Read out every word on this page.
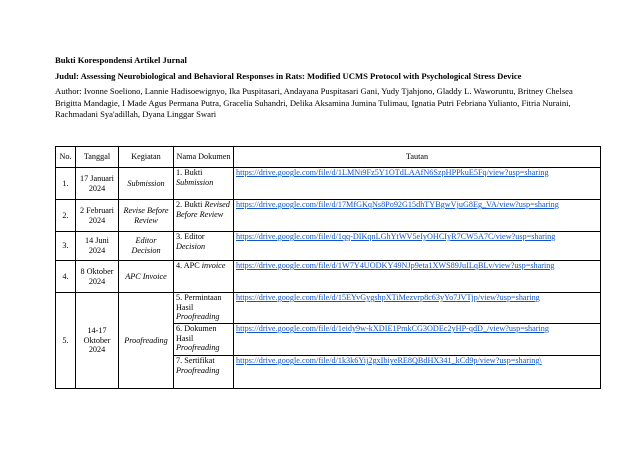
Bukti Korespondensi Artikel Jurnal
Judul: Assessing Neurobiological and Behavioral Responses in Rats: Modified UCMS Protocol with Psychological Stress Device
Author: Ivonne Soeliono, Lannie Hadisoewignyo, Ika Puspitasari, Andayana Puspitasari Gani, Yudy Tjahjono, Gladdy L. Waworuntu, Britney Chelsea Brigitta Mandagie, I Made Agus Permana Putra, Gracelia Suhandri, Delika Aksamina Jumina Tulimau, Ignatia Putri Febriana Yulianto, Fitria Nuraini, Rachmadani Sya'adillah, Dyana Linggar Swari
No.	Tanggal	Kegiatan	Nama Dokumen	Tautan
1.	17 Januari 2024	Submission	1. Bukti Submission	https://drive.google.com/file/d/1LMNi9Fz5Y1OTdLAAfN6SzpHPPkuE5Fq/view?usp=sharing
2.	2 Februari 2024	Revise Before Review	2. Bukti Revised Before Review	https://drive.google.com/file/d/17MfGKqNs8Po92G15dhTYBgwVjuG8Eg_VA/view?usp=sharing
3.	14 Juni 2024	Editor Decision	3. Editor Decision	https://drive.google.com/file/d/1qq-DIKqnLGhYtWV5eIyOHCIyR7CW5A7C/view?usp=sharing
4.	8 Oktober 2024	APC Invoice	4. APC invoice	https://drive.google.com/file/d/1W7Y4UODKY49NJp9eta1XWS89JuILqBLv/view?usp=sharing
5.	14-17 Oktober 2024	Proofreading	5. Permintaan Hasil Proofreading	https://drive.google.com/file/d/15EYvGygshpXTiMezvrp8c63yYo7JVTjp/view?usp=sharing
			6. Dokumen Hasil Proofreading	https://drive.google.com/file/d/1eidy9w-kXDIE1PmkCG3ODEc2yHP-qdD_/view?usp=sharing
			7. Sertifikat Proofreading	https://drive.google.com/file/d/1k3k6Yij2gxIbiyeRE8QBdHX341_kCd9p/view?usp=sharing\
